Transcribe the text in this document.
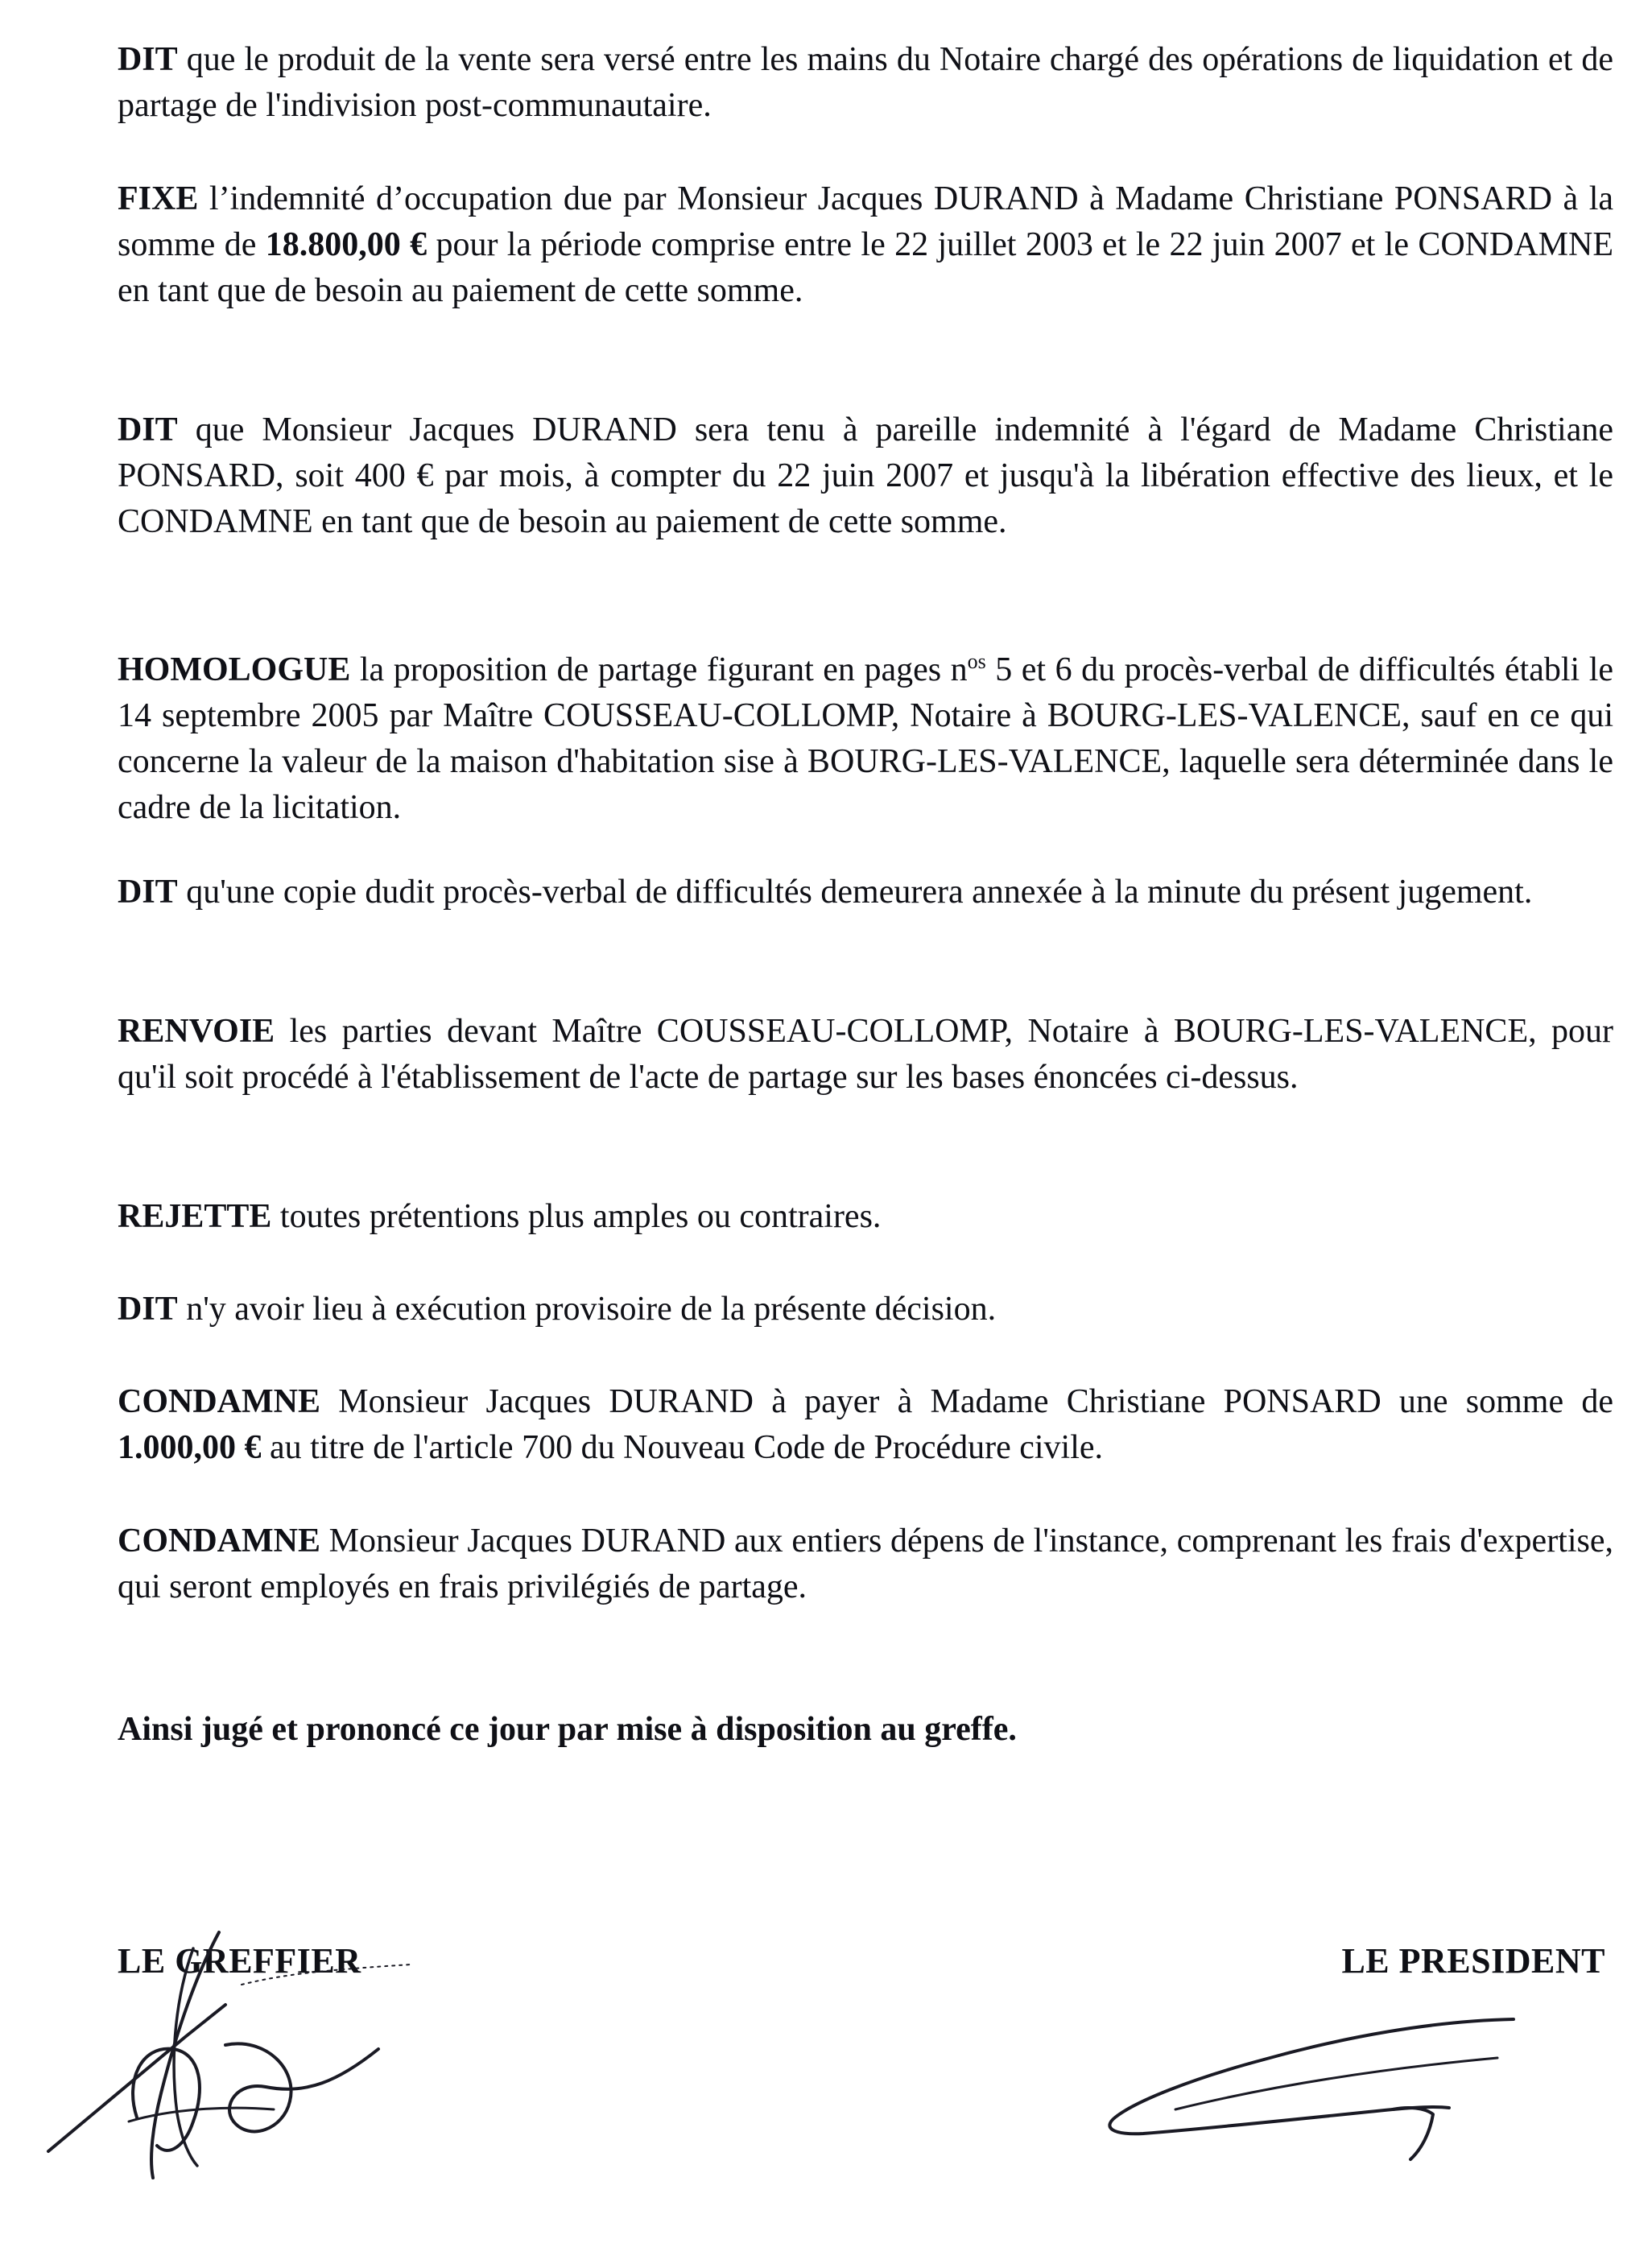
DIT que le produit de la vente sera versé entre les mains du Notaire chargé des opérations de liquidation et de partage de l'indivision post-communautaire.

FIXE l’indemnité d’occupation due par Monsieur Jacques DURAND à Madame Christiane PONSARD à la somme de 18.800,00 € pour la période comprise entre le 22 juillet 2003 et le 22 juin 2007 et le CONDAMNE en tant que de besoin au paiement de cette somme.

DIT que Monsieur Jacques DURAND sera tenu à pareille indemnité à l'égard de Madame Christiane PONSARD, soit 400 € par mois, à compter du 22 juin 2007 et jusqu'à la libération effective des lieux, et le CONDAMNE en tant que de besoin au paiement de cette somme.

HOMOLOGUE la proposition de partage figurant en pages $n^{os}$ 5 et 6 du procès-verbal de difficultés établi le 14 septembre 2005 par Maître COUSSEAU-COLLOMP, Notaire à BOURG-LES-VALENCE, sauf en ce qui concerne la valeur de la maison d'habitation sise à BOURG-LES-VALENCE, laquelle sera déterminée dans le cadre de la licitation.

DIT qu'une copie dudit procès-verbal de difficultés demeurera annexée à la minute du présent jugement.

RENVOIE les parties devant Maître COUSSEAU-COLLOMP, Notaire à BOURG-LES-VALENCE, pour qu'il soit procédé à l'établissement de l'acte de partage sur les bases énoncées ci-dessus.

REJETTE toutes prétentions plus amples ou contraires.

DIT n'y avoir lieu à exécution provisoire de la présente décision.

CONDAMNE Monsieur Jacques DURAND à payer à Madame Christiane PONSARD une somme de 1.000,00 € au titre de l'article 700 du Nouveau Code de Procédure civile.

CONDAMNE Monsieur Jacques DURAND aux entiers dépens de l'instance, comprenant les frais d'expertise, qui seront employés en frais privilégiés de partage.

Ainsi jugé et prononcé ce jour par mise à disposition au greffe.

LE GREFFIER	LE PRESIDENT
